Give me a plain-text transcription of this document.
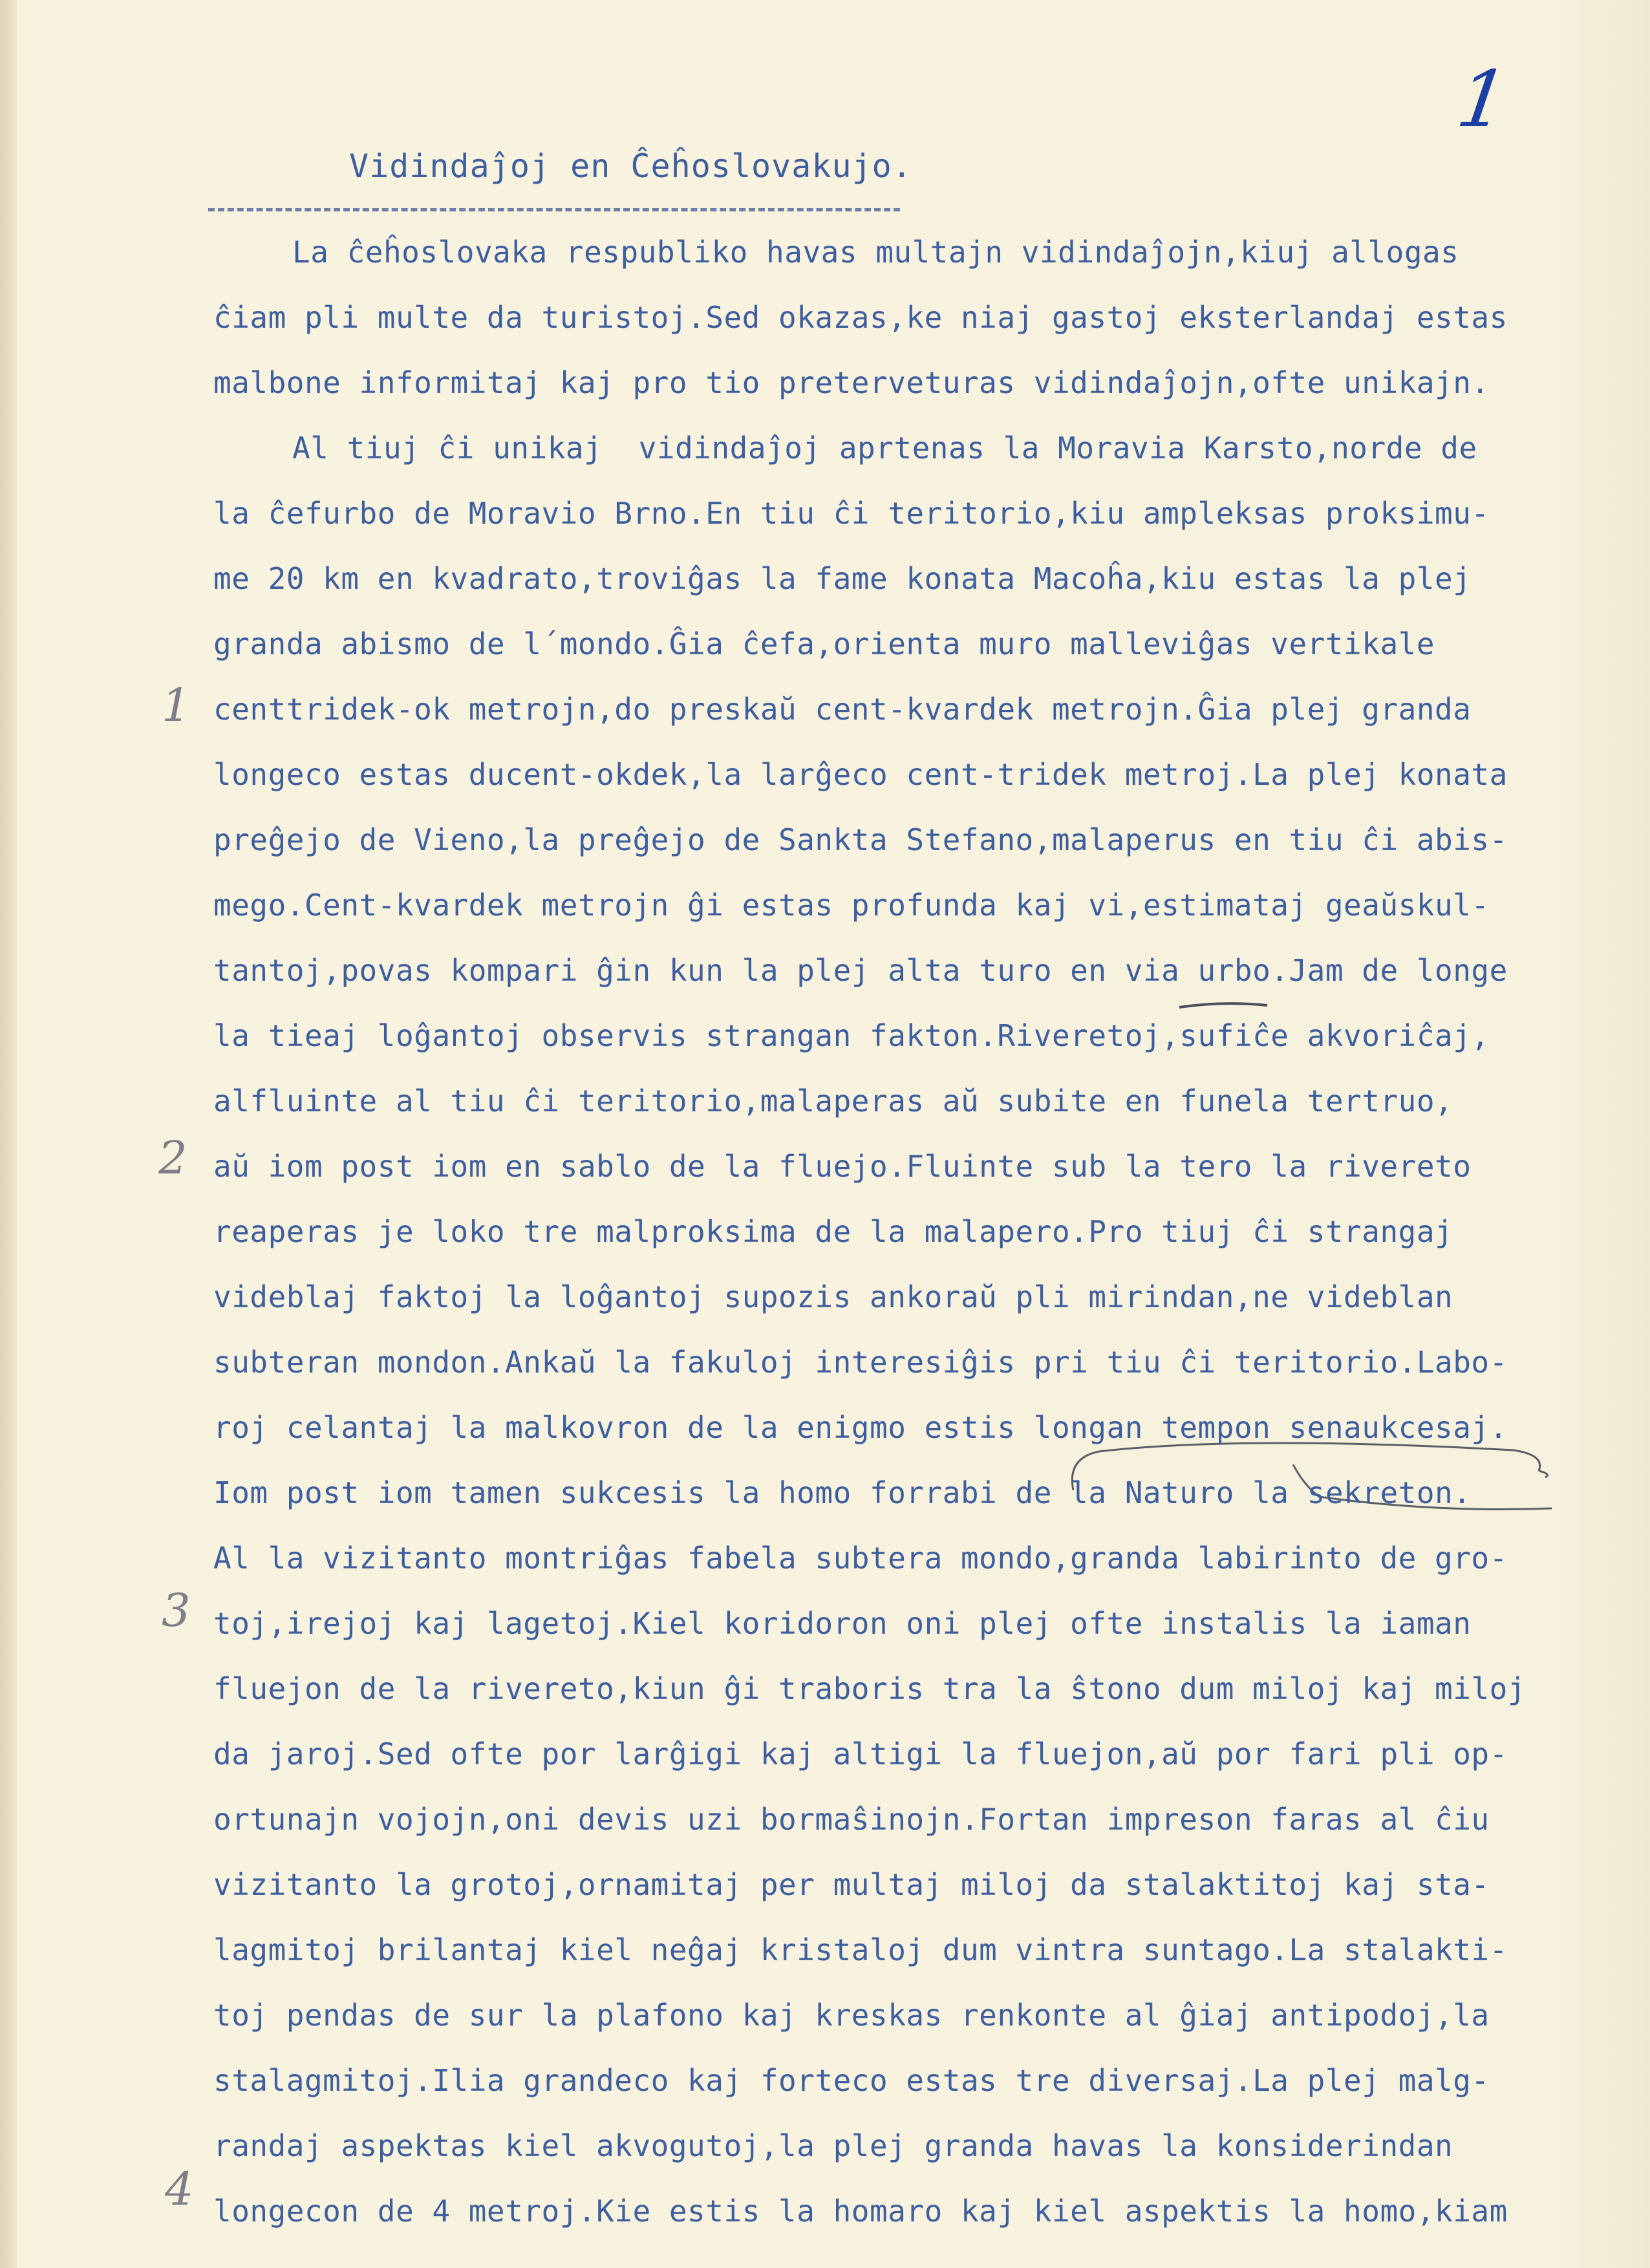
1
Vidindaĵoj en Ĉeĥoslovakujo.
La ĉeĥoslovaka respubliko havas multajn vidindaĵojn,kiuj allogas
ĉiam pli multe da turistoj.Sed okazas,ke niaj gastoj eksterlandaj estas
malbone informitaj kaj pro tio preterveturas vidindaĵojn,ofte unikajn.
Al tiuj ĉi unikaj  vidindaĵoj aprtenas la Moravia Karsto,norde de
la ĉefurbo de Moravio Brno.En tiu ĉi teritorio,kiu ampleksas proksimu-
me 20 km en kvadrato,troviĝas la fame konata Macoĥa,kiu estas la plej
granda abismo de l´mondo.Ĝia ĉefa,orienta muro malleviĝas vertikale
centtridek-ok metrojn,do preskaŭ cent-kvardek metrojn.Ĝia plej granda
longeco estas ducent-okdek,la larĝeco cent-tridek metroj.La plej konata
preĝejo de Vieno,la preĝejo de Sankta Stefano,malaperus en tiu ĉi abis-
mego.Cent-kvardek metrojn ĝi estas profunda kaj vi,estimataj geaŭskul-
tantoj,povas kompari ĝin kun la plej alta turo en via urbo.Jam de longe
la tieaj loĝantoj observis strangan fakton.Riveretoj,sufiĉe akvoriĉaj,
alfluinte al tiu ĉi teritorio,malaperas aŭ subite en funela tertruo,
aŭ iom post iom en sablo de la fluejo.Fluinte sub la tero la rivereto
reaperas je loko tre malproksima de la malapero.Pro tiuj ĉi strangaj
videblaj faktoj la loĝantoj supozis ankoraŭ pli mirindan,ne videblan
subteran mondon.Ankaŭ la fakuloj interesiĝis pri tiu ĉi teritorio.Labo-
roj celantaj la malkovron de la enigmo estis longan tempon senaukcesaj.
Iom post iom tamen sukcesis la homo forrabi de la Naturo la sekreton.
Al la vizitanto montriĝas fabela subtera mondo,granda labirinto de gro-
toj,irejoj kaj lagetoj.Kiel koridoron oni plej ofte instalis la iaman
fluejon de la rivereto,kiun ĝi traboris tra la ŝtono dum miloj kaj miloj
da jaroj.Sed ofte por larĝigi kaj altigi la fluejon,aŭ por fari pli op-
ortunajn vojojn,oni devis uzi bormaŝinojn.Fortan impreson faras al ĉiu
vizitanto la grotoj,ornamitaj per multaj miloj da stalaktitoj kaj sta-
lagmitoj brilantaj kiel neĝaj kristaloj dum vintra suntago.La stalakti-
toj pendas de sur la plafono kaj kreskas renkonte al ĝiaj antipodoj,la
stalagmitoj.Ilia grandeco kaj forteco estas tre diversaj.La plej malg-
randaj aspektas kiel akvogutoj,la plej granda havas la konsiderindan
longecon de 4 metroj.Kie estis la homaro kaj kiel aspektis la homo,kiam
1
2
3
4
